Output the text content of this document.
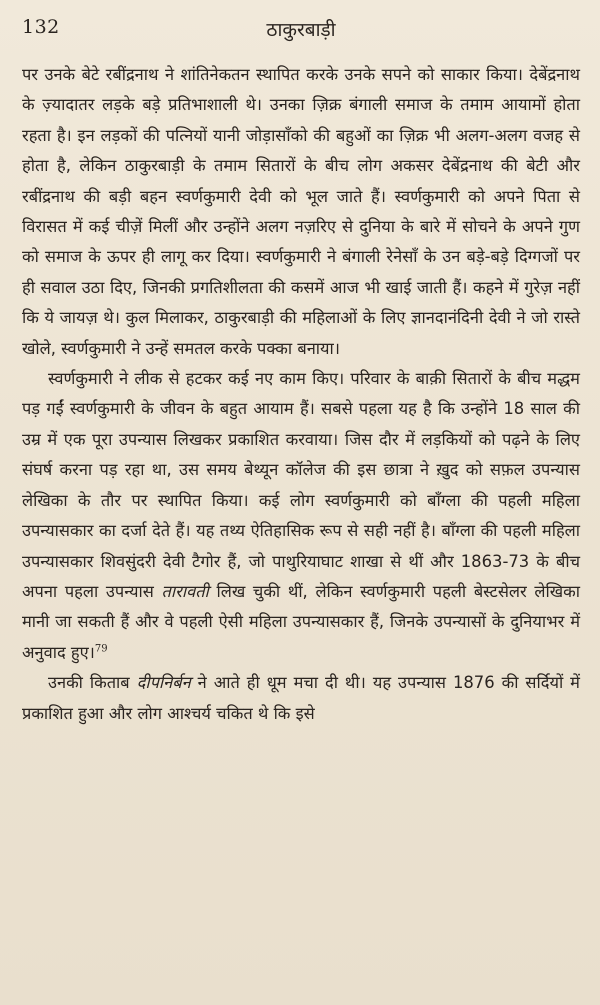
132	ठाकुरबाड़ी

पर उनके बेटे रबींद्रनाथ ने शांतिनेकतन स्थापित करके उनके सपने को साकार किया। देबेंद्रनाथ के ज़्यादातर लड़के बड़े प्रतिभाशाली थे। उनका ज़िक्र बंगाली समाज के तमाम आयामों होता रहता है। इन लड़कों की पत्नियों यानी जोड़ासाँको की बहुओं का ज़िक्र भी अलग-अलग वजह से होता है, लेकिन ठाकुरबाड़ी के तमाम सितारों के बीच लोग अकसर देबेंद्रनाथ की बेटी और रबींद्रनाथ की बड़ी बहन स्वर्णकुमारी देवी को भूल जाते हैं। स्वर्णकुमारी को अपने पिता से विरासत में कई चीज़ें मिलीं और उन्होंने अलग नज़रिए से दुनिया के बारे में सोचने के अपने गुण को समाज के ऊपर ही लागू कर दिया। स्वर्णकुमारी ने बंगाली रेनेसाँ के उन बड़े-बड़े दिग्गजों पर ही सवाल उठा दिए, जिनकी प्रगतिशीलता की कसमें आज भी खाई जाती हैं। कहने में गुरेज़ नहीं कि ये जायज़ थे। कुल मिलाकर, ठाकुरबाड़ी की महिलाओं के लिए ज्ञानदानंदिनी देवी ने जो रास्ते खोले, स्वर्णकुमारी ने उन्हें समतल करके पक्का बनाया।

स्वर्णकुमारी ने लीक से हटकर कई नए काम किए। परिवार के बाक़ी सितारों के बीच मद्धम पड़ गईं स्वर्णकुमारी के जीवन के बहुत आयाम हैं। सबसे पहला यह है कि उन्होंने 18 साल की उम्र में एक पूरा उपन्यास लिखकर प्रकाशित करवाया। जिस दौर में लड़कियों को पढ़ने के लिए संघर्ष करना पड़ रहा था, उस समय बेथ्यून कॉलेज की इस छात्रा ने ख़ुद को सफ़ल उपन्यास लेखिका के तौर पर स्थापित किया। कई लोग स्वर्णकुमारी को बाँग्ला की पहली महिला उपन्यासकार का दर्जा देते हैं। यह तथ्य ऐतिहासिक रूप से सही नहीं है। बाँग्ला की पहली महिला उपन्यासकार शिवसुंदरी देवी टैगोर हैं, जो पाथुरियाघाट शाखा से थीं और 1863-73 के बीच अपना पहला उपन्यास तारावती लिख चुकी थीं, लेकिन स्वर्णकुमारी पहली बेस्टसेलर लेखिका मानी जा सकती हैं और वे पहली ऐसी महिला उपन्यासकार हैं, जिनके उपन्यासों के दुनियाभर में अनुवाद हुए।$^{79}$

उनकी किताब दीपनिर्बन ने आते ही धूम मचा दी थी। यह उपन्यास 1876 की सर्दियों में प्रकाशित हुआ और लोग आश्चर्य चकित थे कि इसे
